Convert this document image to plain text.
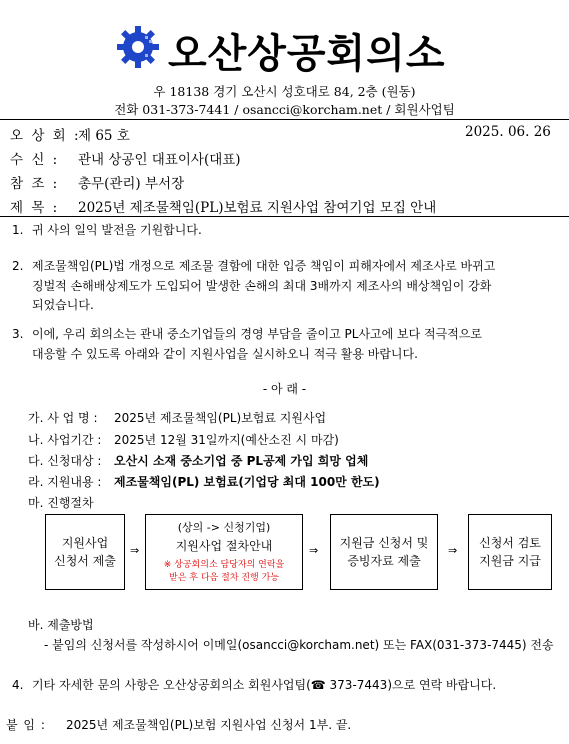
오산상공회의소
우 18138 경기 오산시 성호대로 84, 2층 (원동)
전화 031-373-7441 / osancci@korcham.net / 회원사업팀
오 상 회 :
제 65 호	2025. 06. 26
수 신 : 관내 상공인 대표이사(대표)
참 조 : 총무(관리) 부서장
제 목 : 2025년 제조물책임(PL)보험료 지원사업 참여기업 모집 안내
1. 귀 사의 일익 발전을 기원합니다.
2. 제조물책임(PL)법 개정으로 제조물 결함에 대한 입증 책임이 피해자에서 제조사로 바뀌고
징벌적 손해배상제도가 도입되어 발생한 손해의 최대 3배까지 제조사의 배상책임이 강화
되었습니다.
3. 이에, 우리 회의소는 관내 중소기업들의 경영 부담을 줄이고 PL사고에 보다 적극적으로
대응할 수 있도록 아래와 같이 지원사업을 실시하오니 적극 활용 바랍니다.
- 아 래 -
가. 사 업 명 : 2025년 제조물책임(PL)보험료 지원사업
나. 사업기간 : 2025년 12월 31일까지(예산소진 시 마감)
다. 신청대상 : 오산시 소재 중소기업 중 PL공제 가입 희망 업체
라. 지원내용 : 제조물책임(PL) 보험료(기업당 최대 100만 한도)
마. 진행절차
지원사업
신청서 제출
⇒
(상의 -> 신청기업)
지원사업 절차안내
※ 상공회의소 담당자의 연락을
받은 후 다음 절차 진행 가능
⇒
지원금 신청서 및
증빙자료 제출
⇒
신청서 검토
지원금 지급
바. 제출방법
- 붙임의 신청서를 작성하시어 이메일(osancci@korcham.net) 또는 FAX(031-373-7445) 전송
4. 기타 자세한 문의 사항은 오산상공회의소 회원사업팀(☎ 373-7443)으로 연락 바랍니다.
붙 임 : 2025년 제조물책임(PL)보험 지원사업 신청서 1부. 끝.
